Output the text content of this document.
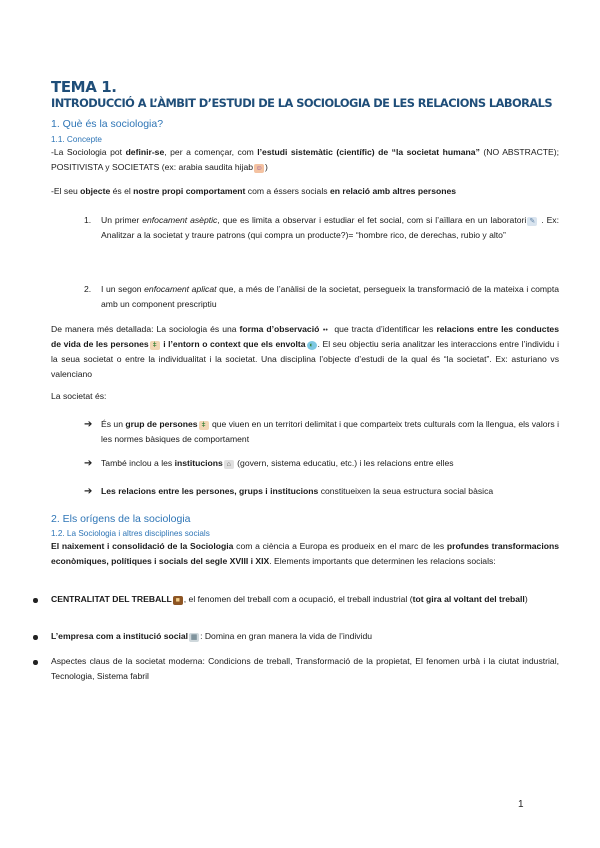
TEMA 1.
INTRODUCCIÓ A L’ÀMBIT D’ESTUDI DE LA SOCIOLOGIA DE LES RELACIONS LABORALS
1. Què és la sociologia?
1.1. Concepte

-La Sociologia pot definir-se, per a començar, com l’estudi sistemàtic (científic) de “la societat humana” (NO ABSTRACTE); POSITIVISTA y SOCIETATS (ex: arabia saudita hijab ☺ )

-El seu objecte és el nostre propi comportament com a éssers socials en relació amb altres persones

1. Un primer enfocament asèptic, que es limita a observar i estudiar el fet social, com si l’aïllara en un laboratori ✎ . Ex: Analitzar a la societat y traure patrons (qui compra un producte?)= “hombre rico, de derechas, rubio y alto”

2. I un segon enfocament aplicat que, a més de l’anàlisi de la societat, persegueix la transformació de la mateixa i compta amb un component prescriptiu

De manera més detallada: La sociologia és una forma d’observació •• que tracta d’identificar les relacions entre les conductes de vida de les persones ǂ i l’entorn o context que els envolta ◐ . El seu objectiu seria analitzar les interaccions entre l’individu i la seua societat o entre la individualitat i la societat. Una disciplina l’objecte d’estudi de la qual és “la societat”. Ex: asturiano vs valenciano

La societat és:

➔ És un grup de persones ǂ que viuen en un territori delimitat i que comparteix trets culturals com la llengua, els valors i les normes bàsiques de comportament

➔ També inclou a les institucions ⌂ (govern, sistema educatiu, etc.) i les relacions entre elles

➔ Les relacions entre les persones, grups i institucions constitueixen la seua estructura social bàsica

2. Els orígens de la sociologia
1.2. La Sociologia i altres disciplines socials

El naixement i consolidació de la Sociologia com a ciència a Europa es produeix en el marc de les profundes transformacions econòmiques, polítiques i socials del segle XVIII i XIX. Elements importants que determinen les relacions socials:

CENTRALITAT DEL TREBALL ■ , el fenomen del treball com a ocupació, el treball industrial (tot gira al voltant del treball)

L’empresa com a institució social ▦ : Domina en gran manera la vida de l’individu

Aspectes claus de la societat moderna: Condicions de treball, Transformació de la propietat, El fenomen urbà i la ciutat industrial, Tecnologia, Sistema fabril

1
